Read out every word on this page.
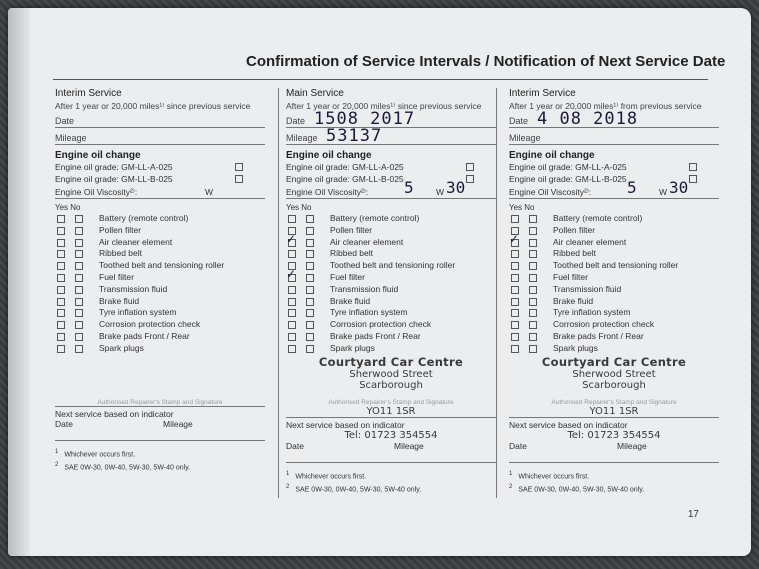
Confirmation of Service Intervals / Notification of Next Service Date
Interim Service
After 1 year or 20,000 miles¹⁾ since previous service
Date
Mileage
Engine oil change
Engine oil grade: GM-LL-A-025
Engine oil grade: GM-LL-B-025
Engine Oil Viscosity²⁾:	W
Yes No
Battery (remote control)
Pollen filter
Air cleaner element
Ribbed belt
Toothed belt and tensioning roller
Fuel filter
Transmission fluid
Brake fluid
Tyre inflation system
Corrosion protection check
Brake pads Front / Rear
Spark plugs
Authorised Repairer's Stamp and Signature
Next service based on indicator
Date	Mileage
$^1$ Whichever occurs first.
$^2$ SAE 0W-30, 0W-40, 5W-30, 5W-40 only.
Main Service
After 1 year or 20,000 miles¹⁾ since previous service
Date 1508 2017
Mileage 53137
Engine oil change
Engine oil grade: GM-LL-A-025
Engine oil grade: GM-LL-B-025
Engine Oil Viscosity²⁾: 5	W 30
Yes No
Battery (remote control)
Pollen filter
✓	Air cleaner element
Ribbed belt
Toothed belt and tensioning roller
✓	Fuel filter
Transmission fluid
Brake fluid
Tyre inflation system
Corrosion protection check
Brake pads Front / Rear
Spark plugs
Courtyard Car Centre
Sherwood Street
Scarborough
Authorised Repairer's Stamp and Signature
YO11 1SR
Next service based on indicator
Tel: 01723 354554
Date	Mileage
$^1$ Whichever occurs first.
$^2$ SAE 0W-30, 0W-40, 5W-30, 5W-40 only.
Interim Service
After 1 year or 20,000 miles¹⁾ from previous service
Date 4 08 2018
Mileage
Engine oil change
Engine oil grade: GM-LL-A-025
Engine oil grade: GM-LL-B-025
Engine Oil Viscosity²⁾: 5	W 30
Yes No
Battery (remote control)
Pollen filter
✓	Air cleaner element
Ribbed belt
Toothed belt and tensioning roller
Fuel filter
Transmission fluid
Brake fluid
Tyre inflation system
Corrosion protection check
Brake pads Front / Rear
Spark plugs
Courtyard Car Centre
Sherwood Street
Scarborough
Authorised Repairer's Stamp and Signature
YO11 1SR
Next service based on indicator
Tel: 01723 354554
Date	Mileage
$^1$ Whichever occurs first.
$^2$ SAE 0W-30, 0W-40, 5W-30, 5W-40 only.
17
